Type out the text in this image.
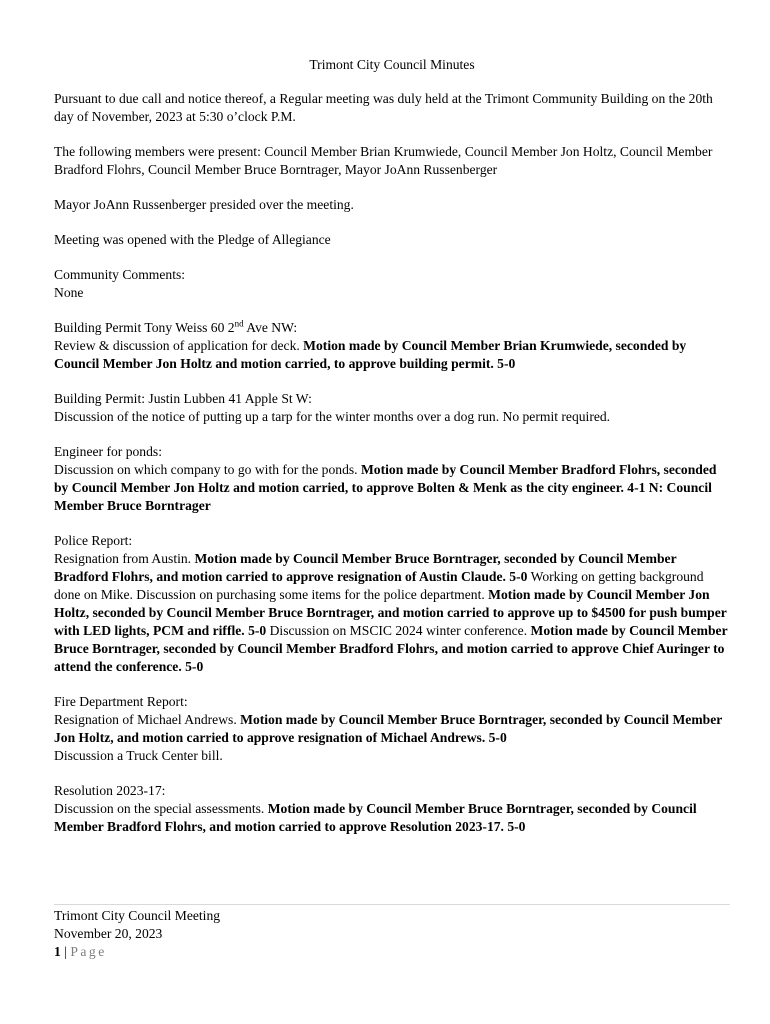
Trimont City Council Minutes
Pursuant to due call and notice thereof, a Regular meeting was duly held at the Trimont Community Building on the 20th day of November, 2023 at 5:30 o’clock P.M.
The following members were present: Council Member Brian Krumwiede, Council Member Jon Holtz, Council Member Bradford Flohrs, Council Member Bruce Borntrager, Mayor JoAnn Russenberger
Mayor JoAnn Russenberger presided over the meeting.
Meeting was opened with the Pledge of Allegiance
Community Comments:
None
Building Permit Tony Weiss 60 2nd Ave NW:
Review & discussion of application for deck. Motion made by Council Member Brian Krumwiede, seconded by Council Member Jon Holtz and motion carried, to approve building permit. 5-0
Building Permit: Justin Lubben 41 Apple St W:
Discussion of the notice of putting up a tarp for the winter months over a dog run. No permit required.
Engineer for ponds:
Discussion on which company to go with for the ponds. Motion made by Council Member Bradford Flohrs, seconded by Council Member Jon Holtz and motion carried, to approve Bolten & Menk as the city engineer. 4-1 N: Council Member Bruce Borntrager
Police Report:
Resignation from Austin. Motion made by Council Member Bruce Borntrager, seconded by Council Member Bradford Flohrs, and motion carried to approve resignation of Austin Claude. 5-0 Working on getting background done on Mike. Discussion on purchasing some items for the police department. Motion made by Council Member Jon Holtz, seconded by Council Member Bruce Borntrager, and motion carried to approve up to $4500 for push bumper with LED lights, PCM and riffle. 5-0 Discussion on MSCIC 2024 winter conference. Motion made by Council Member Bruce Borntrager, seconded by Council Member Bradford Flohrs, and motion carried to approve Chief Auringer to attend the conference. 5-0
Fire Department Report:
Resignation of Michael Andrews. Motion made by Council Member Bruce Borntrager, seconded by Council Member Jon Holtz, and motion carried to approve resignation of Michael Andrews. 5-0
Discussion a Truck Center bill.
Resolution 2023-17:
Discussion on the special assessments. Motion made by Council Member Bruce Borntrager, seconded by Council Member Bradford Flohrs, and motion carried to approve Resolution 2023-17. 5-0
Trimont City Council Meeting
November 20, 2023
1 | Page
